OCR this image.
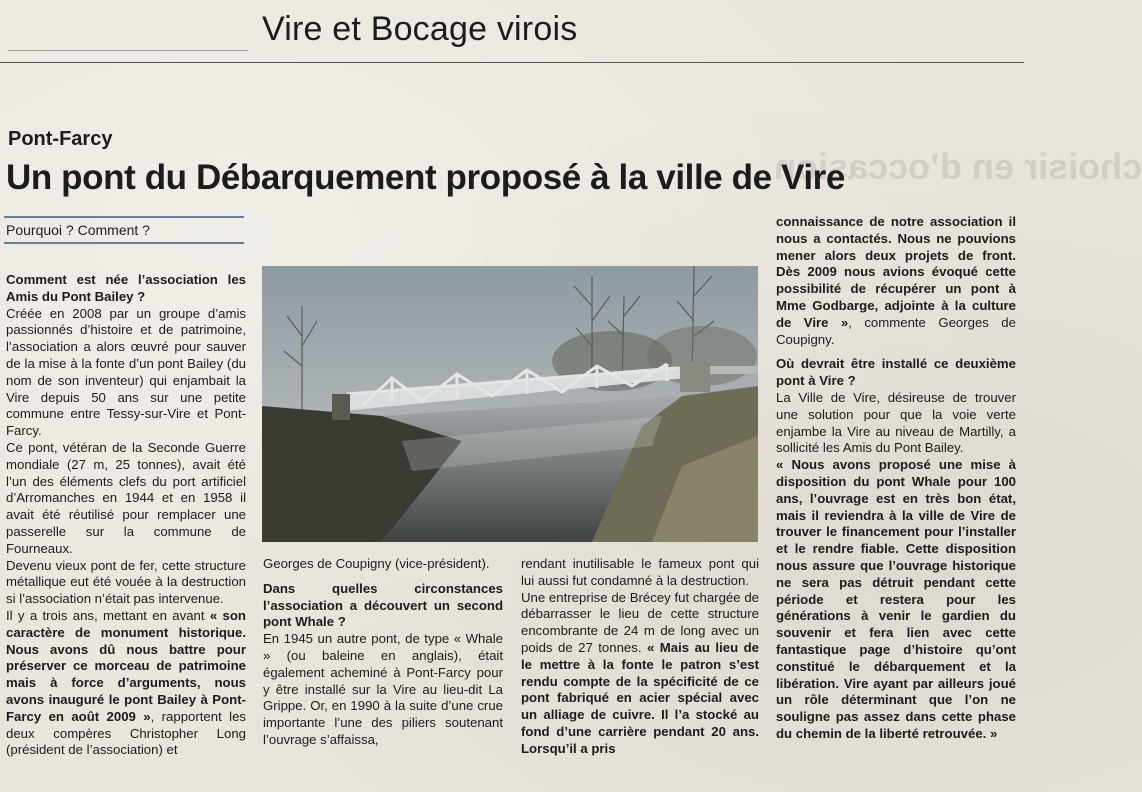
Vire et Bocage virois
choisir en d’occasion
Pont-Farcy
Un pont du Débarquement proposé à la ville de Vire
Pourquoi ? Comment ?

Comment est née l’association les Amis du Pont Bailey ?

Créée en 2008 par un groupe d’amis passionnés d’histoire et de patrimoine, l’association a alors œuvré pour sauver de la mise à la fonte d’un pont Bailey (du nom de son inventeur) qui enjambait la Vire depuis 50 ans sur une petite commune entre Tessy-sur-Vire et Pont-Farcy.

Ce pont, vétéran de la Seconde Guerre mondiale (27 m, 25 tonnes), avait été l’un des éléments clefs du port artificiel d’Arromanches en 1944 et en 1958 il avait été réutilisé pour remplacer une passerelle sur la commune de Fourneaux.

Devenu vieux pont de fer, cette structure métallique eut été vouée à la destruction si l’association n’était pas intervenue.

Il y a trois ans, mettant en avant « son caractère de monument historique. Nous avons dû nous battre pour préserver ce morceau de patrimoine mais à force d’arguments, nous avons inauguré le pont Bailey à Pont-Farcy en août 2009 », rapportent les deux compères Christopher Long (président de l’association) et

Georges de Coupigny (vice-président).

Dans quelles circonstances l’association a découvert un second pont Whale ?

En 1945 un autre pont, de type « Whale » (ou baleine en anglais), était également acheminé à Pont-Farcy pour y être installé sur la Vire au lieu-dit La Grippe. Or, en 1990 à la suite d’une crue importante l’une des piliers soutenant l’ouvrage s’affaissa,

rendant inutilisable le fameux pont qui lui aussi fut condamné à la destruction.

Une entreprise de Brécey fut chargée de débarrasser le lieu de cette structure encombrante de 24 m de long avec un poids de 27 tonnes. « Mais au lieu de le mettre à la fonte le patron s’est rendu compte de la spécificité de ce pont fabriqué en acier spécial avec un alliage de cuivre. Il l’a stocké au fond d’une carrière pendant 20 ans. Lorsqu’il a pris

connaissance de notre association il nous a contactés. Nous ne pouvions mener alors deux projets de front. Dès 2009 nous avions évoqué cette possibilité de récupérer un pont à Mme Godbarge, adjointe à la culture de Vire »

, commente Georges de Coupigny.

Où devrait être installé ce deuxième pont à Vire ?

La Ville de Vire, désireuse de trouver une solution pour que la voie verte enjambe la Vire au niveau de Martilly, a sollicité les Amis du Pont Bailey.

« Nous avons proposé une mise à disposition du pont Whale pour 100 ans, l’ouvrage est en très bon état, mais il reviendra à la ville de Vire de trouver le financement pour l’installer et le rendre fiable. Cette disposition nous assure que l’ouvrage historique ne sera pas détruit pendant cette période et restera pour les générations à venir le gardien du souvenir et fera lien avec cette fantastique page d’histoire qu’ont constitué le débarquement et la libération. Vire ayant par ailleurs joué un rôle déterminant que l’on ne souligne pas assez dans cette phase du chemin de la liberté retrouvée. »
